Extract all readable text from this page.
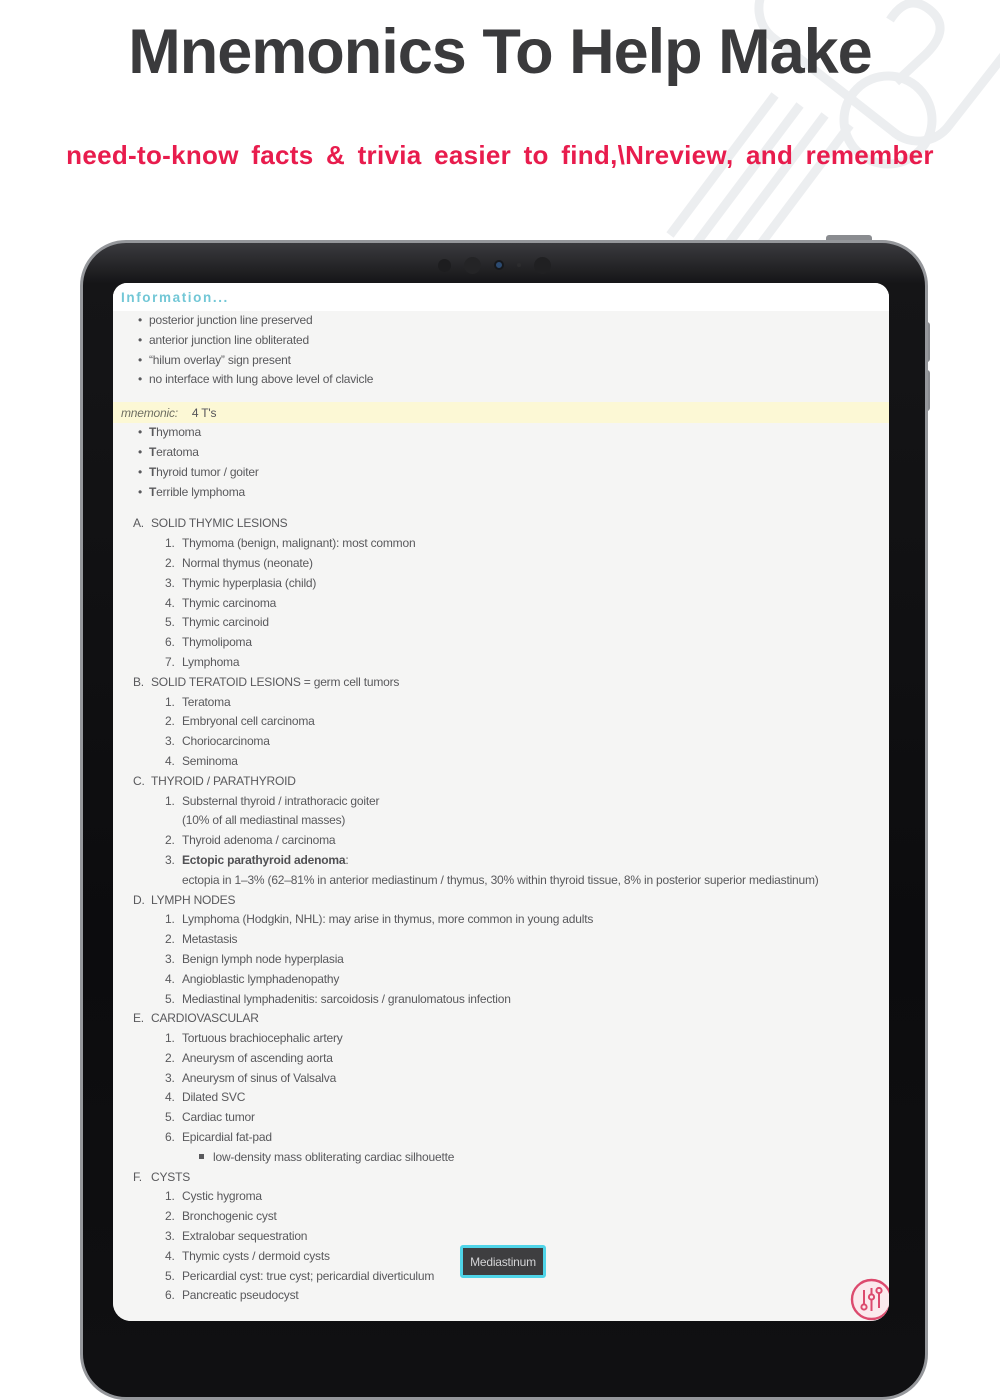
Mnemonics To Help Make

need-to-know facts & trivia easier to find,\Nreview, and remember

Information...
• posterior junction line preserved
• anterior junction line obliterated
• “hilum overlay” sign present
• no interface with lung above level of clavicle
mnemonic: 4 T's
• Thymoma
• Teratoma
• Thyroid tumor / goiter
• Terrible lymphoma
A. SOLID THYMIC LESIONS
1. Thymoma (benign, malignant): most common
2. Normal thymus (neonate)
3. Thymic hyperplasia (child)
4. Thymic carcinoma
5. Thymic carcinoid
6. Thymolipoma
7. Lymphoma
B. SOLID TERATOID LESIONS = germ cell tumors
1. Teratoma
2. Embryonal cell carcinoma
3. Choriocarcinoma
4. Seminoma
C. THYROID / PARATHYROID
1. Substernal thyroid / intrathoracic goiter
(10% of all mediastinal masses)
2. Thyroid adenoma / carcinoma
3. Ectopic parathyroid adenoma:
ectopia in 1–3% (62–81% in anterior mediastinum / thymus, 30% within thyroid tissue, 8% in posterior superior mediastinum)
D. LYMPH NODES
1. Lymphoma (Hodgkin, NHL): may arise in thymus, more common in young adults
2. Metastasis
3. Benign lymph node hyperplasia
4. Angioblastic lymphadenopathy
5. Mediastinal lymphadenitis: sarcoidosis / granulomatous infection
E. CARDIOVASCULAR
1. Tortuous brachiocephalic artery
2. Aneurysm of ascending aorta
3. Aneurysm of sinus of Valsalva
4. Dilated SVC
5. Cardiac tumor
6. Epicardial fat-pad
low-density mass obliterating cardiac silhouette
F. CYSTS
1. Cystic hygroma
2. Bronchogenic cyst
3. Extralobar sequestration
4. Thymic cysts / dermoid cysts
5. Pericardial cyst: true cyst; pericardial diverticulum
6. Pancreatic pseudocyst
Mediastinum
